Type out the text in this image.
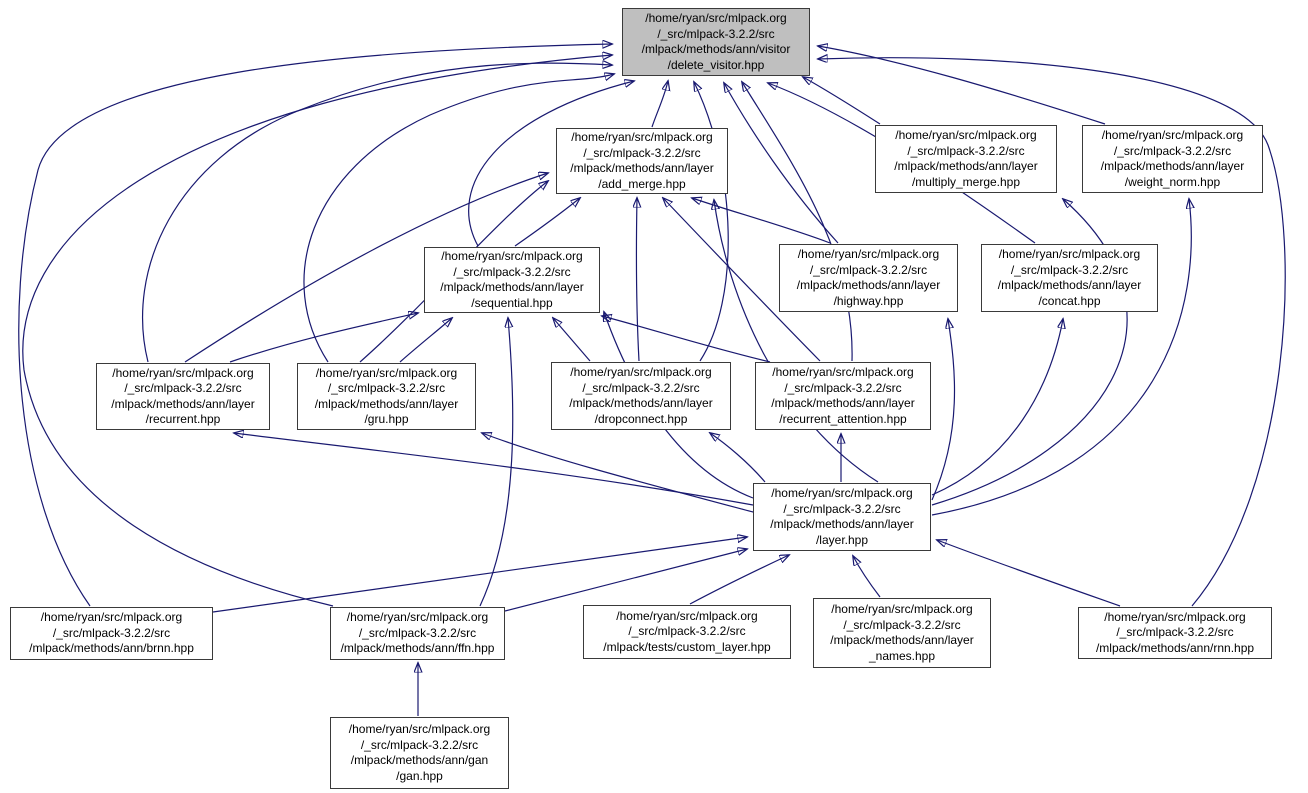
/home/ryan/src/mlpack.org
/_src/mlpack-3.2.2/src
/mlpack/methods/ann/visitor
/delete_visitor.hpp
/home/ryan/src/mlpack.org
/_src/mlpack-3.2.2/src
/mlpack/methods/ann/layer
/add_merge.hpp
/home/ryan/src/mlpack.org
/_src/mlpack-3.2.2/src
/mlpack/methods/ann/layer
/multiply_merge.hpp
/home/ryan/src/mlpack.org
/_src/mlpack-3.2.2/src
/mlpack/methods/ann/layer
/weight_norm.hpp
/home/ryan/src/mlpack.org
/_src/mlpack-3.2.2/src
/mlpack/methods/ann/layer
/sequential.hpp
/home/ryan/src/mlpack.org
/_src/mlpack-3.2.2/src
/mlpack/methods/ann/layer
/highway.hpp
/home/ryan/src/mlpack.org
/_src/mlpack-3.2.2/src
/mlpack/methods/ann/layer
/concat.hpp
/home/ryan/src/mlpack.org
/_src/mlpack-3.2.2/src
/mlpack/methods/ann/layer
/recurrent.hpp
/home/ryan/src/mlpack.org
/_src/mlpack-3.2.2/src
/mlpack/methods/ann/layer
/gru.hpp
/home/ryan/src/mlpack.org
/_src/mlpack-3.2.2/src
/mlpack/methods/ann/layer
/dropconnect.hpp
/home/ryan/src/mlpack.org
/_src/mlpack-3.2.2/src
/mlpack/methods/ann/layer
/recurrent_attention.hpp
/home/ryan/src/mlpack.org
/_src/mlpack-3.2.2/src
/mlpack/methods/ann/layer
/layer.hpp
/home/ryan/src/mlpack.org
/_src/mlpack-3.2.2/src
/mlpack/methods/ann/brnn.hpp
/home/ryan/src/mlpack.org
/_src/mlpack-3.2.2/src
/mlpack/methods/ann/ffn.hpp
/home/ryan/src/mlpack.org
/_src/mlpack-3.2.2/src
/mlpack/tests/custom_layer.hpp
/home/ryan/src/mlpack.org
/_src/mlpack-3.2.2/src
/mlpack/methods/ann/layer
_names.hpp
/home/ryan/src/mlpack.org
/_src/mlpack-3.2.2/src
/mlpack/methods/ann/rnn.hpp
/home/ryan/src/mlpack.org
/_src/mlpack-3.2.2/src
/mlpack/methods/ann/gan
/gan.hpp
